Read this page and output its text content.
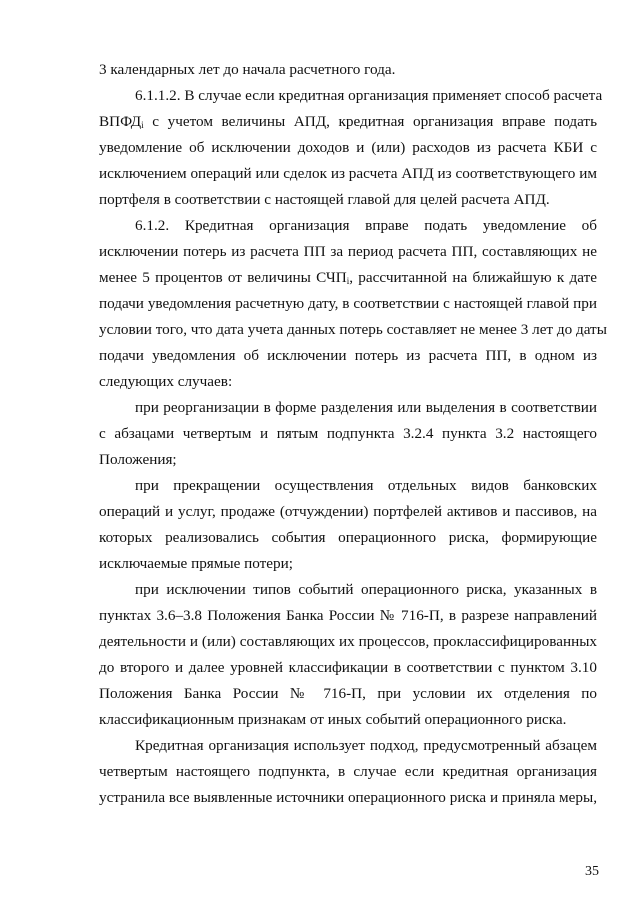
3 календарных лет до начала расчетного года.
6.1.1.2. В случае если кредитная организация применяет способ расчета
$ВПФД_i$ с учетом величины АПД, кредитная организация вправе подать
уведомление об исключении доходов и (или) расходов из расчета КБИ с
исключением операций или сделок из расчета АПД из соответствующего им
портфеля в соответствии с настоящей главой для целей расчета АПД.
6.1.2. Кредитная организация вправе подать уведомление об
исключении потерь из расчета ПП за период расчета ПП, составляющих не
менее 5 процентов от величины $СЧП_i$, рассчитанной на ближайшую к дате
подачи уведомления расчетную дату, в соответствии с настоящей главой при
условии того, что дата учета данных потерь составляет не менее 3 лет до даты
подачи уведомления об исключении потерь из расчета ПП, в одном из
следующих случаев:
при реорганизации в форме разделения или выделения в соответствии
с абзацами четвертым и пятым подпункта 3.2.4 пункта 3.2 настоящего
Положения;
при прекращении осуществления отдельных видов банковских
операций и услуг, продаже (отчуждении) портфелей активов и пассивов, на
которых реализовались события операционного риска, формирующие
исключаемые прямые потери;
при исключении типов событий операционного риска, указанных в
пунктах 3.6–3.8 Положения Банка России № 716-П, в разрезе направлений
деятельности и (или) составляющих их процессов, проклассифицированных
до второго и далее уровней классификации в соответствии с пунктом 3.10
Положения Банка России № 716-П, при условии их отделения по
классификационным признакам от иных событий операционного риска.
Кредитная организация использует подход, предусмотренный абзацем
четвертым настоящего подпункта, в случае если кредитная организация
устранила все выявленные источники операционного риска и приняла меры,
35
